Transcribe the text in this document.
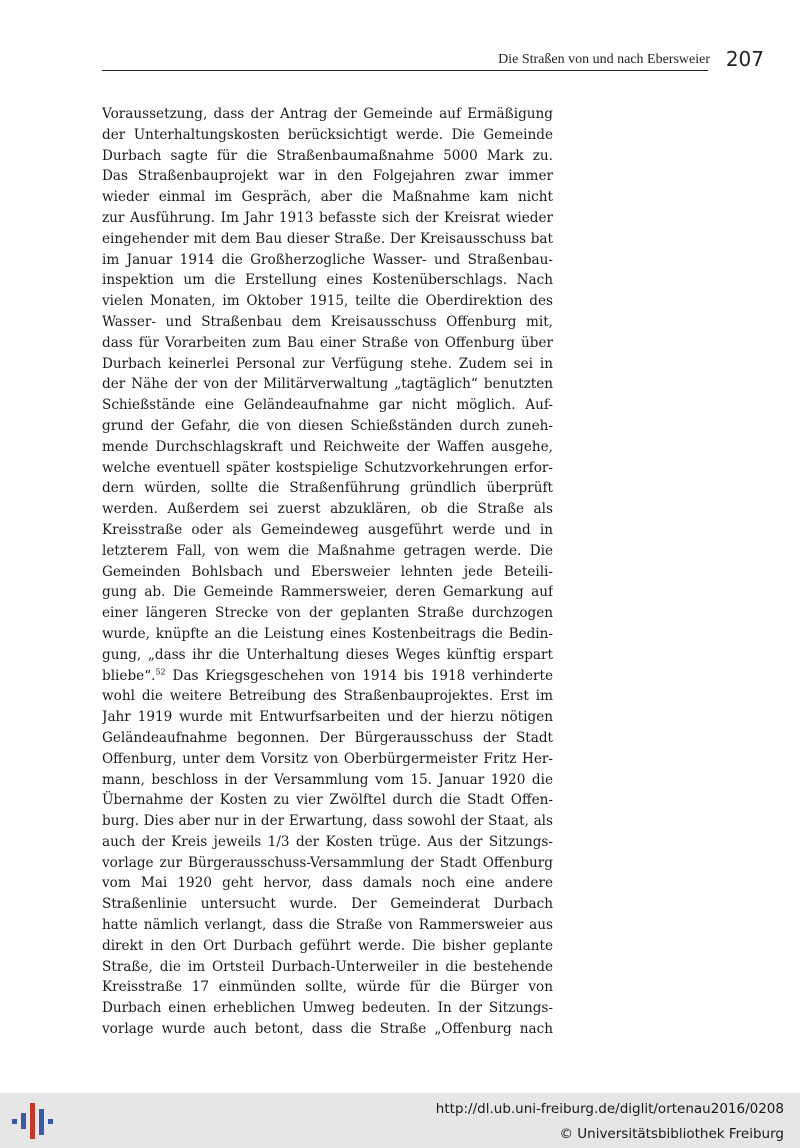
Die Straßen von und nach Ebersweier 207
Voraussetzung, dass der Antrag der Gemeinde auf Ermäßigung
der Unterhaltungskosten berücksichtigt werde. Die Gemeinde
Durbach sagte für die Straßenbaumaßnahme 5000 Mark zu.
Das Straßenbauprojekt war in den Folgejahren zwar immer
wieder einmal im Gespräch, aber die Maßnahme kam nicht
zur Ausführung. Im Jahr 1913 befasste sich der Kreisrat wieder
eingehender mit dem Bau dieser Straße. Der Kreisausschuss bat
im Januar 1914 die Großherzogliche Wasser- und Straßenbau-
inspektion um die Erstellung eines Kostenüberschlags. Nach
vielen Monaten, im Oktober 1915, teilte die Oberdirektion des
Wasser- und Straßenbau dem Kreisausschuss Offenburg mit,
dass für Vorarbeiten zum Bau einer Straße von Offenburg über
Durbach keinerlei Personal zur Verfügung stehe. Zudem sei in
der Nähe der von der Militärverwaltung „tagtäglich“ benutzten
Schießstände eine Geländeaufnahme gar nicht möglich. Auf-
grund der Gefahr, die von diesen Schießständen durch zuneh-
mende Durchschlagskraft und Reichweite der Waffen ausgehe,
welche eventuell später kostspielige Schutzvorkehrungen erfor-
dern würden, sollte die Straßenführung gründlich überprüft
werden. Außerdem sei zuerst abzuklären, ob die Straße als
Kreisstraße oder als Gemeindeweg ausgeführt werde und in
letzterem Fall, von wem die Maßnahme getragen werde. Die
Gemeinden Bohlsbach und Ebersweier lehnten jede Beteili-
gung ab. Die Gemeinde Rammersweier, deren Gemarkung auf
einer längeren Strecke von der geplanten Straße durchzogen
wurde, knüpfte an die Leistung eines Kostenbeitrags die Bedin-
gung, „dass ihr die Unterhaltung dieses Weges künftig erspart
bliebe“.$^{52}$ Das Kriegsgeschehen von 1914 bis 1918 verhinderte
wohl die weitere Betreibung des Straßenbauprojektes. Erst im
Jahr 1919 wurde mit Entwurfsarbeiten und der hierzu nötigen
Geländeaufnahme begonnen. Der Bürgerausschuss der Stadt
Offenburg, unter dem Vorsitz von Oberbürgermeister Fritz Her-
mann, beschloss in der Versammlung vom 15. Januar 1920 die
Übernahme der Kosten zu vier Zwölftel durch die Stadt Offen-
burg. Dies aber nur in der Erwartung, dass sowohl der Staat, als
auch der Kreis jeweils 1/3 der Kosten trüge. Aus der Sitzungs-
vorlage zur Bürgerausschuss-Versammlung der Stadt Offenburg
vom Mai 1920 geht hervor, dass damals noch eine andere
Straßenlinie untersucht wurde. Der Gemeinderat Durbach
hatte nämlich verlangt, dass die Straße von Rammersweier aus
direkt in den Ort Durbach geführt werde. Die bisher geplante
Straße, die im Ortsteil Durbach-Unterweiler in die bestehende
Kreisstraße 17 einmünden sollte, würde für die Bürger von
Durbach einen erheblichen Umweg bedeuten. In der Sitzungs-
vorlage wurde auch betont, dass die Straße „Offenburg nach
http://dl.ub.uni-freiburg.de/diglit/ortenau2016/0208
© Universitätsbibliothek Freiburg
